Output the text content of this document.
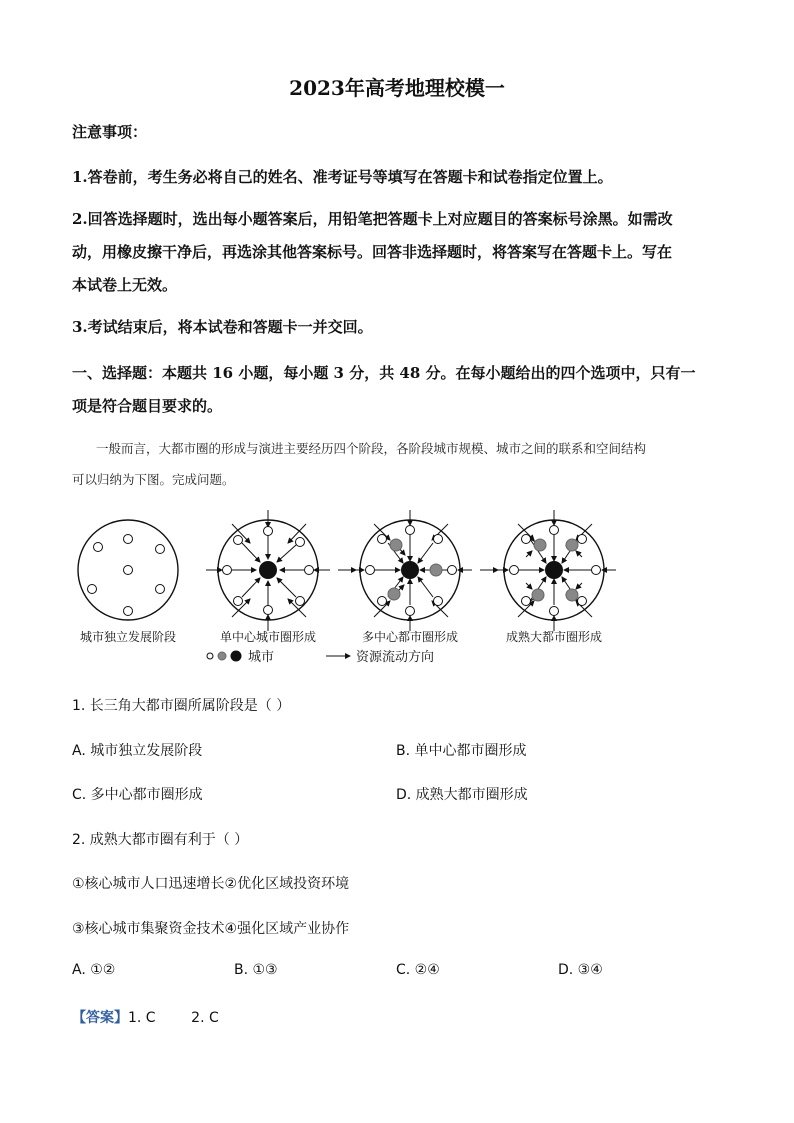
2023年高考地理校模一
注意事项：
1.答卷前，考生务必将自己的姓名、准考证号等填写在答题卡和试卷指定位置上。
2.回答选择题时，选出每小题答案后，用铅笔把答题卡上对应题目的答案标号涂黑。如需改
动，用橡皮擦干净后，再选涂其他答案标号。回答非选择题时，将答案写在答题卡上。写在
本试卷上无效。
3.考试结束后，将本试卷和答题卡一并交回。
一、选择题：本题共 16 小题，每小题 3 分，共 48 分。在每小题给出的四个选项中，只有一
项是符合题目要求的。
一般而言，大都市圈的形成与演进主要经历四个阶段，各阶段城市规模、城市之间的联系和空间结构
可以归纳为下图。完成问题。
城市独立发展阶段	单中心城市圈形成	多中心都市圈形成	成熟大都市圈形成
城市	资源流动方向
1. 长三角大都市圈所属阶段是（ ）
A. 城市独立发展阶段	B. 单中心都市圈形成
C. 多中心都市圈形成	D. 成熟大都市圈形成
2. 成熟大都市圈有利于（ ）
①核心城市人口迅速增长②优化区域投资环境
③核心城市集聚资金技术④强化区域产业协作
A. ①②	B. ①③	C. ②④	D. ③④
【答案】1. C        2. C
